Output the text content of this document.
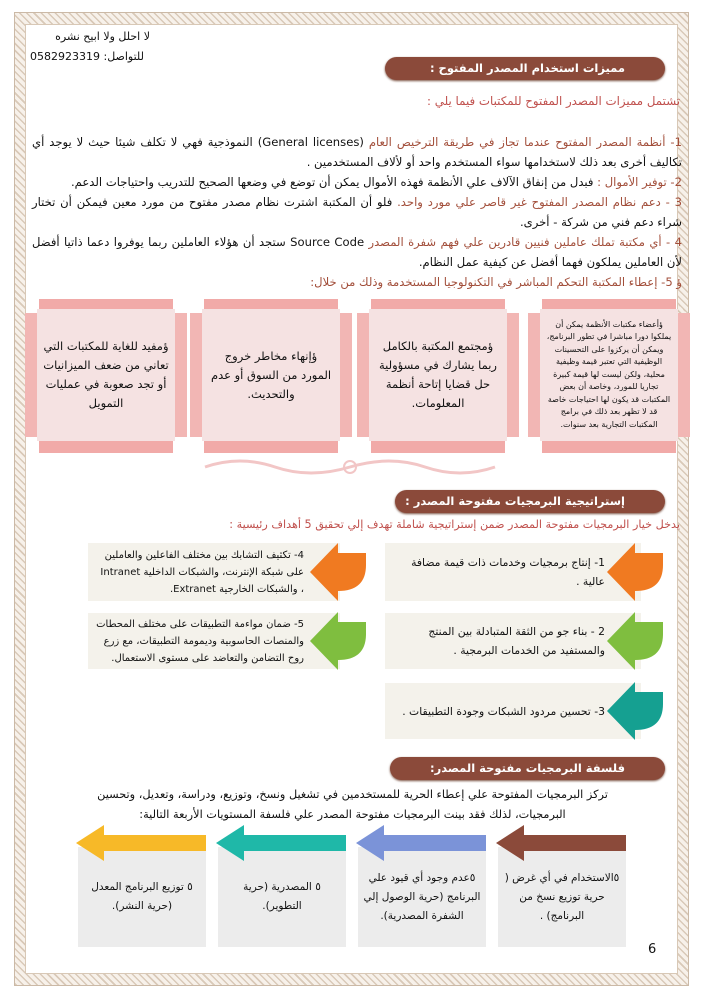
لا احلل ولا ابيح نشره
للتواصل: 0582923319
مميزات استخدام المصدر المفتوح :
تشتمل مميزات المصدر المفتوح للمكتبات فيما يلي :

1- أنظمة المصدر المفتوح عندما تجاز في طريقة الترخيص العام (General licenses) النموذجية فهي لا تكلف شيئا حيث لا يوجد أي تكاليف أخرى بعد ذلك لاستخدامها سواء المستخدم واحد أو لألاف المستخدمين .

2- توفير الأموال : فبدل من إنفاق الآلاف علي الأنظمة فهذه الأموال يمكن أن توضع في وضعها الصحيح للتدريب واحتياجات الدعم.

3 - دعم نظام المصدر المفتوح غير قاصر علي مورد واحد. فلو أن المكتبة اشترت نظام مصدر مفتوح من مورد معين فيمكن أن تختار شراء دعم فني من شركة - أخرى.

4 - أي مكتبة تملك عاملين فنيين قادرين علي فهم شفرة المصدر Source Code ستجد أن هؤلاء العاملين ربما يوفروا دعما ذاتيا أفضل لأن العاملين يملكون فهما أفضل عن كيفية عمل النظام.

ؤ 5- إعطاء المكتبة التحكم المباشر في التكنولوجيا المستخدمة وذلك من خلال:

ؤأعضاء مكتبات الأنظمة يمكن أن يملكوا دورا مباشرا في تطور البرنامج، ويمكن أن يركزوا على التحسينات الوظيفية التي تعتبر قيمة وظيفية محلية، ولكن ليست لها قيمة كبيرة تجاريا للمورد، وخاصة أن بعض المكتبات قد يكون لها احتياجات خاصة قد لا تظهر بعد ذلك في برامج المكتبات التجارية بعد سنوات.
ؤمجتمع المكتبة بالكامل ربما يشارك في مسؤولية حل قضايا إتاحة أنظمة المعلومات.
ؤإنهاء مخاطر خروج المورد من السوق أو عدم والتحديث.
ؤمفيد للغاية للمكتبات التي تعاني من ضعف الميزانيات أو تجد صعوبة في عمليات التمويل
إستراتيجية البرمجيات مفتوحة المصدر :
يدخل خيار البرمجيات مفتوحة المصدر ضمن إستراتيجية شاملة تهدف إلي تحقيق 5 أهداف رئيسية :
1- إنتاج برمجيات وخدمات ذات قيمة مضافة عالية .
2 - بناء جو من الثقة المتبادلة بين المنتج والمستفيد من الخدمات البرمجية .
3- تحسين مردود الشبكات وجودة التطبيقات .
4- تكثيف التشابك بين مختلف الفاعلين والعاملين على شبكة الإنترنت، والشبكات الداخلية Intranet ، والشبكات الخارجية Extranet.
5- ضمان مواءمة التطبيقات على مختلف المحطات والمنصات الحاسوبية وديمومة التطبيقات، مع زرع روح التضامن والتعاضد على مستوى الاستعمال.
فلسفة البرمجيات مفتوحة المصدر:
تركز البرمجيات المفتوحة علي إعطاء الحرية للمستخدمين في تشغيل ونسخ، وتوزيع، ودراسة، وتعديل، وتحسين البرمجيات، لذلك فقد بينت البرمجيات مفتوحة المصدر علي فلسفة المستويات الأربعة التالية:
٥الاستخدام في أي غرض ( حرية توزيع نسخ من البرنامج) .
٥عدم وجود أي قيود علي البرنامج (حرية الوصول إلي الشفرة المصدرية).
٥ المصدرية (حرية التطوير).
٥ توزيع البرنامج المعدل (حرية النشر).
6
